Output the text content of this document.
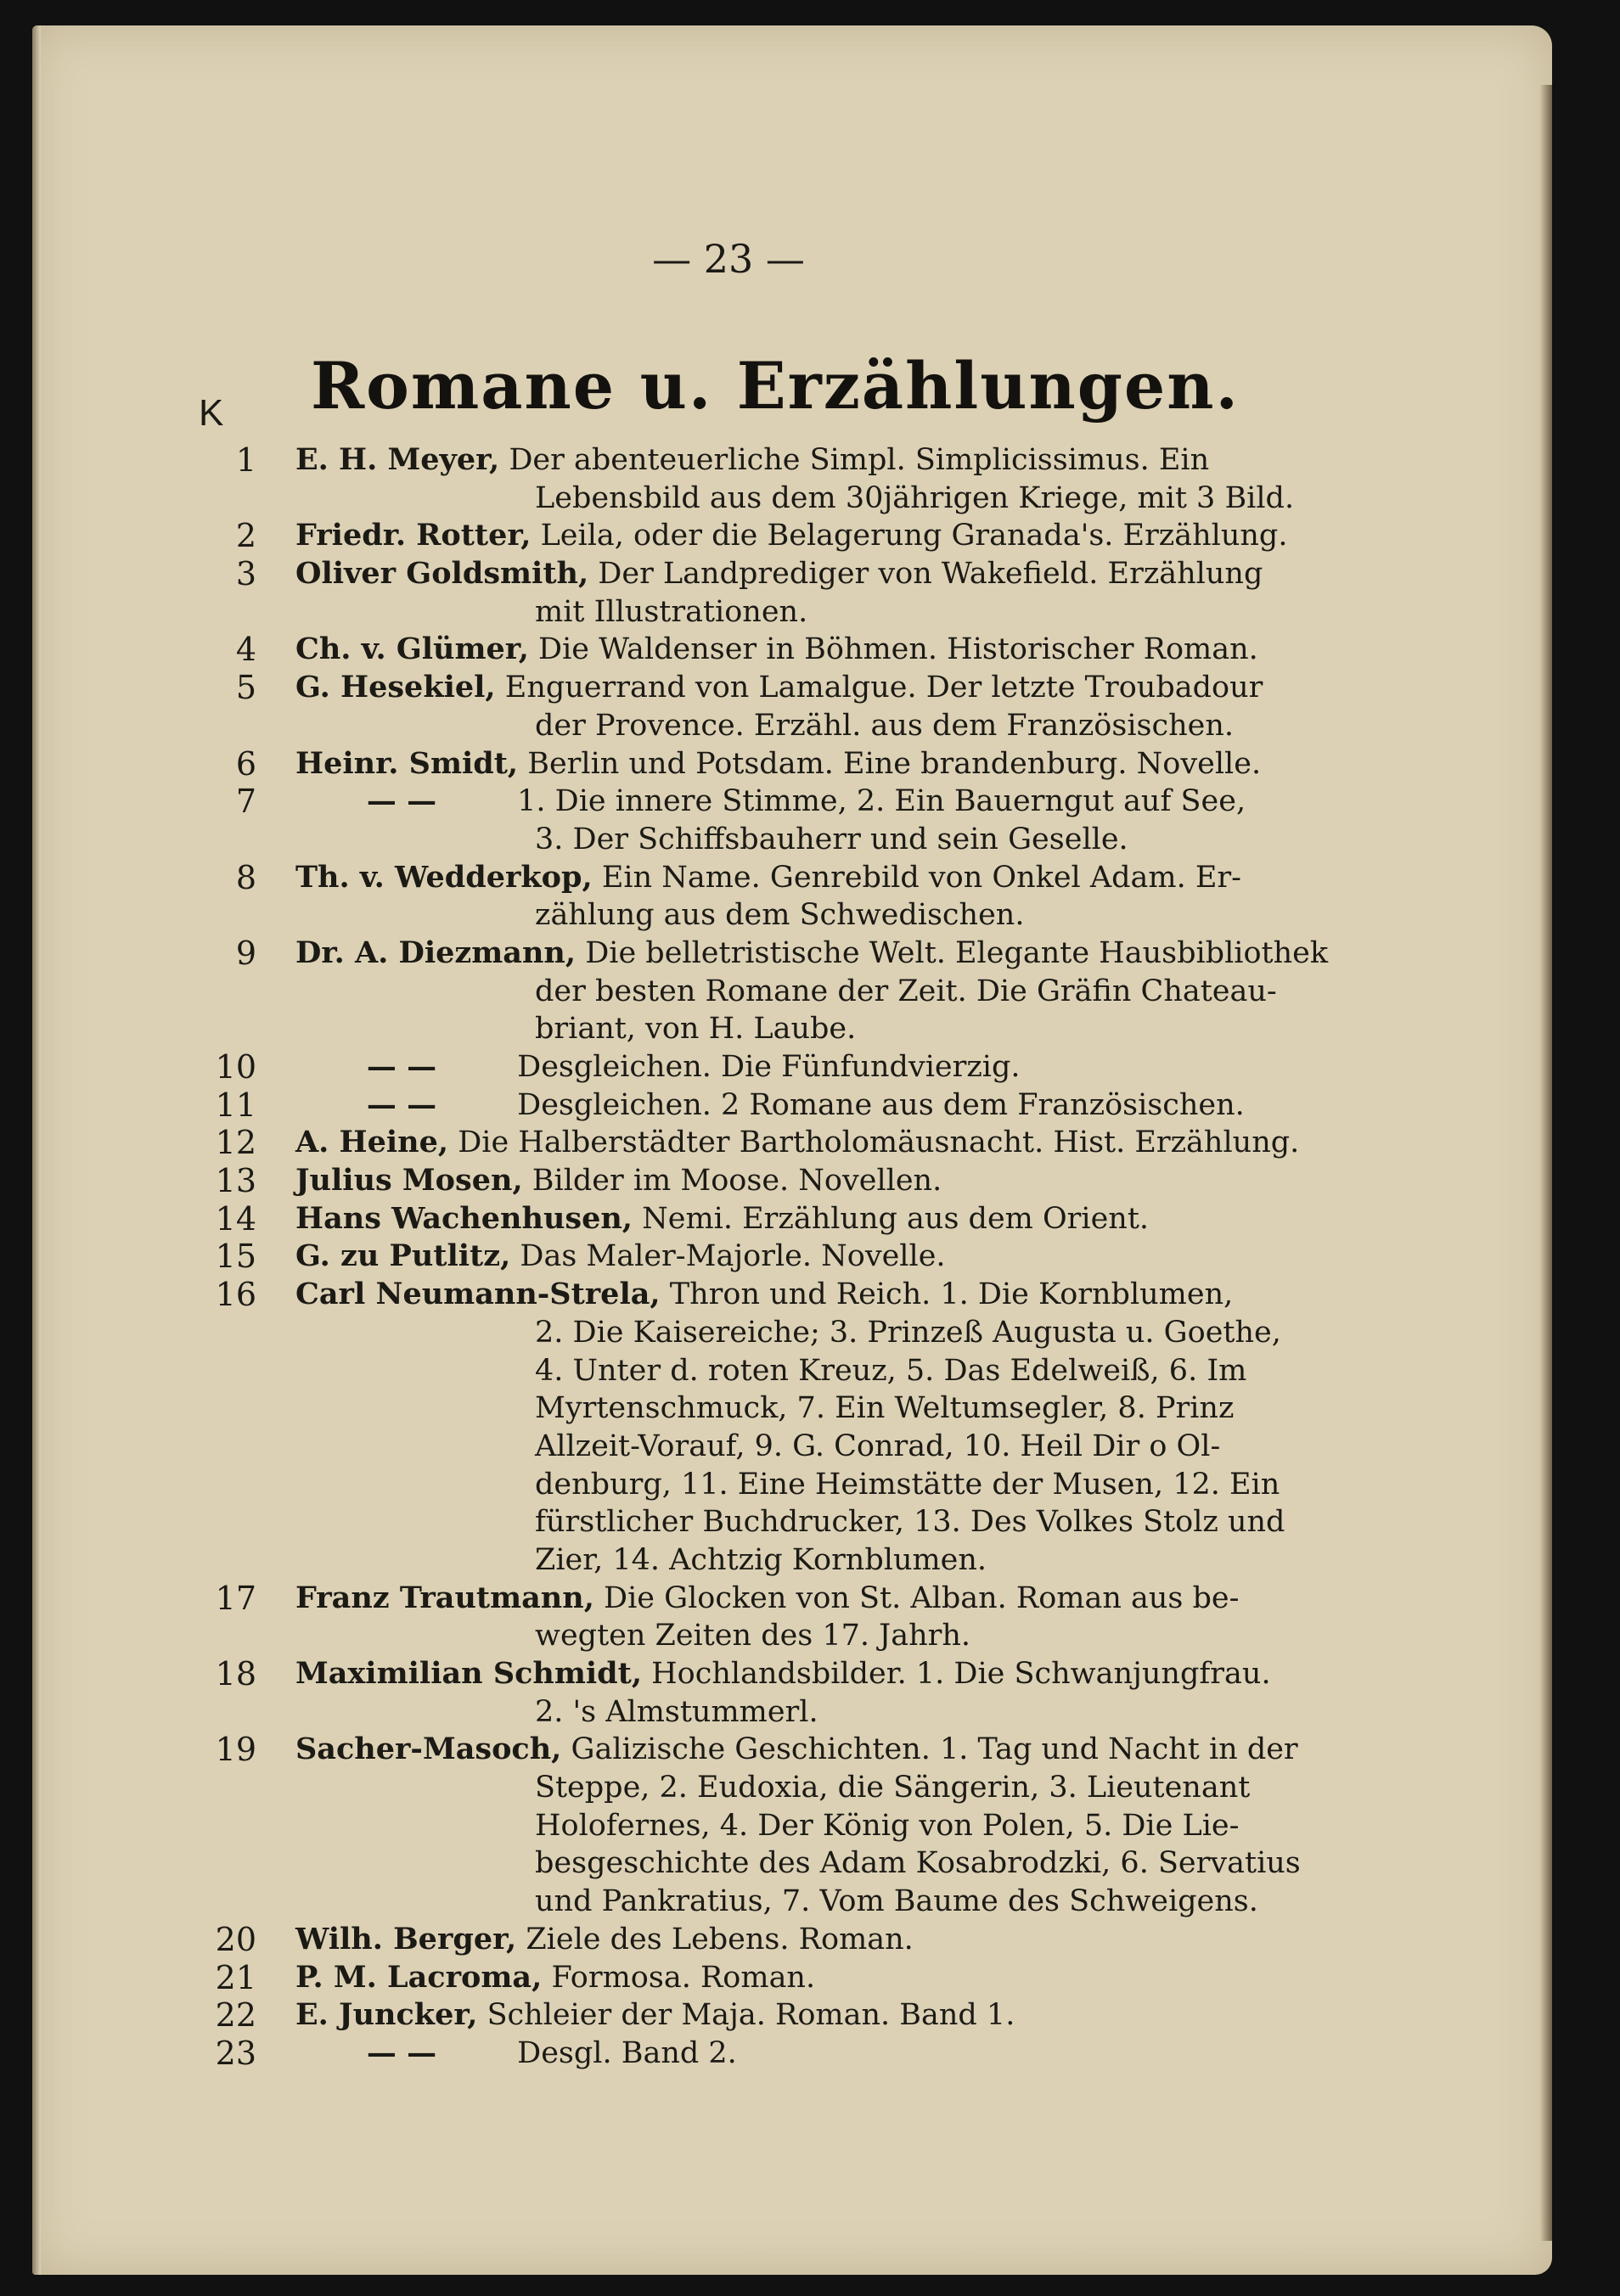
— 23 —
Romane u. Erzählungen.
K
1	E. H. Meyer, Der abenteuerliche Simpl. Simplicissimus. Ein
Lebensbild aus dem 30jährigen Kriege, mit 3 Bild.
2	Friedr. Rotter, Leila, oder die Belagerung Granada's. Erzählung.
3	Oliver Goldsmith, Der Landprediger von Wakefield. Erzählung
mit Illustrationen.
4	Ch. v. Glümer, Die Waldenser in Böhmen. Historischer Roman.
5	G. Hesekiel, Enguerrand von Lamalgue. Der letzte Troubadour
der Provence. Erzähl. aus dem Französischen.
6	Heinr. Smidt, Berlin und Potsdam. Eine brandenburg. Novelle.
7	— —	1. Die innere Stimme, 2. Ein Bauerngut auf See,
3. Der Schiffsbauherr und sein Geselle.
8	Th. v. Wedderkop, Ein Name. Genrebild von Onkel Adam. Er-
zählung aus dem Schwedischen.
9	Dr. A. Diezmann, Die belletristische Welt. Elegante Hausbibliothek
der besten Romane der Zeit. Die Gräfin Chateau-
briant, von H. Laube.
10	— —	Desgleichen. Die Fünfundvierzig.
11	— —	Desgleichen. 2 Romane aus dem Französischen.
12	A. Heine, Die Halberstädter Bartholomäusnacht. Hist. Erzählung.
13	Julius Mosen, Bilder im Moose. Novellen.
14	Hans Wachenhusen, Nemi. Erzählung aus dem Orient.
15	G. zu Putlitz, Das Maler-Majorle. Novelle.
16	Carl Neumann-Strela, Thron und Reich. 1. Die Kornblumen,
2. Die Kaisereiche; 3. Prinzeß Augusta u. Goethe,
4. Unter d. roten Kreuz, 5. Das Edelweiß, 6. Im
Myrtenschmuck, 7. Ein Weltumsegler, 8. Prinz
Allzeit-Vorauf, 9. G. Conrad, 10. Heil Dir o Ol-
denburg, 11. Eine Heimstätte der Musen, 12. Ein
fürstlicher Buchdrucker, 13. Des Volkes Stolz und
Zier, 14. Achtzig Kornblumen.
17	Franz Trautmann, Die Glocken von St. Alban. Roman aus be-
wegten Zeiten des 17. Jahrh.
18	Maximilian Schmidt, Hochlandsbilder. 1. Die Schwanjungfrau.
2. 's Almstummerl.
19	Sacher-Masoch, Galizische Geschichten. 1. Tag und Nacht in der
Steppe, 2. Eudoxia, die Sängerin, 3. Lieutenant
Holofernes, 4. Der König von Polen, 5. Die Lie-
besgeschichte des Adam Kosabrodzki, 6. Servatius
und Pankratius, 7. Vom Baume des Schweigens.
20	Wilh. Berger, Ziele des Lebens. Roman.
21	P. M. Lacroma, Formosa. Roman.
22	E. Juncker, Schleier der Maja. Roman. Band 1.
23	— —	Desgl. Band 2.
